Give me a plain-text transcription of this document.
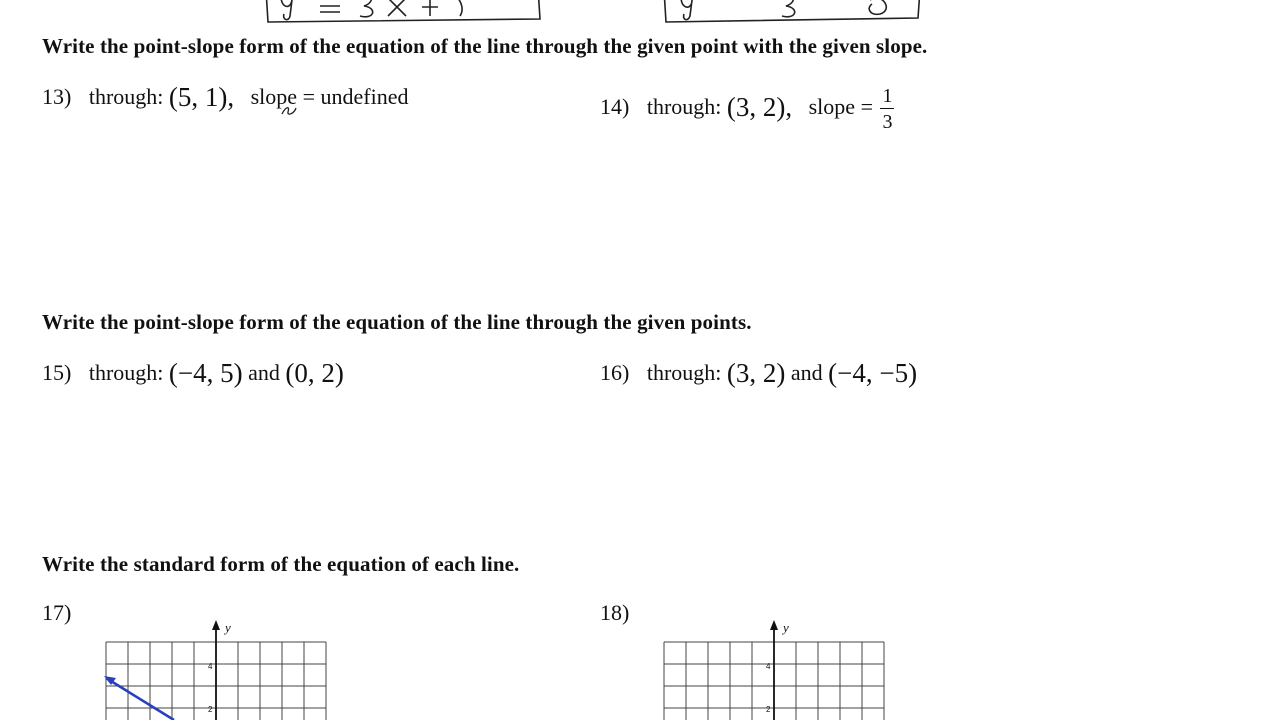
Write the point-slope form of the equation of the line through the given point with the given slope.
13) through: (5, 1), slope = undefined	14) through: (3, 2), slope = $\frac{1}{3}$
Write the point-slope form of the equation of the line through the given points.
15) through: (−4, 5) and (0, 2)	16) through: (3, 2) and (−4, −5)
Write the standard form of the equation of each line.
17)
y
4
2
18)
y
4
2
